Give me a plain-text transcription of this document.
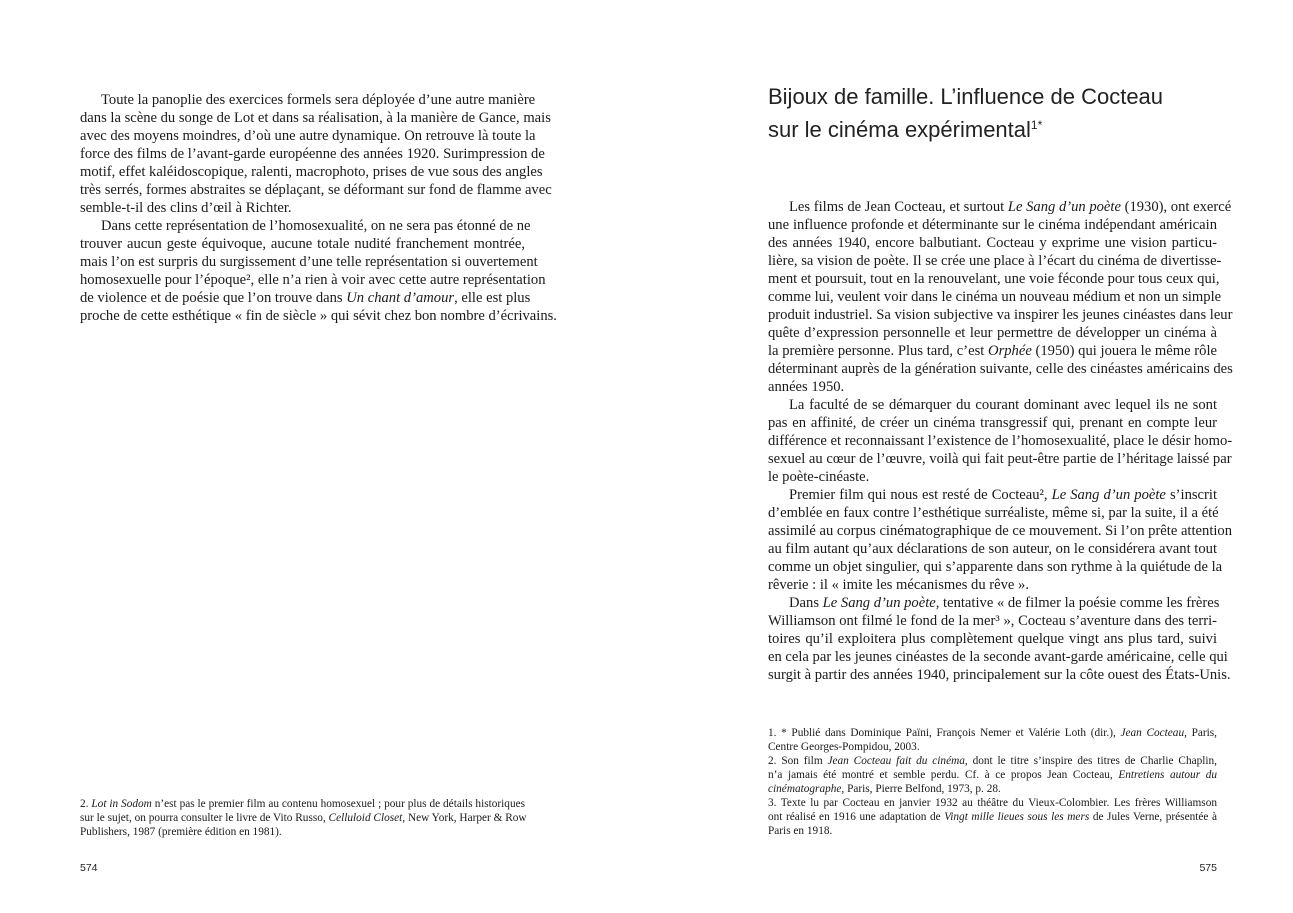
Toute la panoplie des exercices formels sera déployée d’une autre manière
dans la scène du songe de Lot et dans sa réalisation, à la manière de Gance, mais
avec des moyens moindres, d’où une autre dynamique. On retrouve là toute la
force des films de l’avant-garde européenne des années 1920. Surimpression de
motif, effet kaléidoscopique, ralenti, macrophoto, prises de vue sous des angles
très serrés, formes abstraites se déplaçant, se déformant sur fond de flamme avec
semble-t-il des clins d’œil à Richter.
Dans cette représentation de l’homosexualité, on ne sera pas étonné de ne
trouver aucun geste équivoque, aucune totale nudité franchement montrée,
mais l’on est surpris du surgissement d’une telle représentation si ouvertement
homosexuelle pour l’époque², elle n’a rien à voir avec cette autre représentation
de violence et de poésie que l’on trouve dans Un chant d’amour, elle est plus
proche de cette esthétique « fin de siècle » qui sévit chez bon nombre d’écrivains.
2. Lot in Sodom n’est pas le premier film au contenu homosexuel ; pour plus de détails historiques
sur le sujet, on pourra consulter le livre de Vito Russo, Celluloid Closet, New York, Harper & Row
Publishers, 1987 (première édition en 1981).
574
Bijoux de famille. L’influence de Cocteau
sur le cinéma expérimental$^{1*}$
Les films de Jean Cocteau, et surtout Le Sang d’un poète (1930), ont exercé
une influence profonde et déterminante sur le cinéma indépendant américain
des années 1940, encore balbutiant. Cocteau y exprime une vision particu-
lière, sa vision de poète. Il se crée une place à l’écart du cinéma de divertisse-
ment et poursuit, tout en la renouvelant, une voie féconde pour tous ceux qui,
comme lui, veulent voir dans le cinéma un nouveau médium et non un simple
produit industriel. Sa vision subjective va inspirer les jeunes cinéastes dans leur
quête d’expression personnelle et leur permettre de développer un cinéma à
la première personne. Plus tard, c’est Orphée (1950) qui jouera le même rôle
déterminant auprès de la génération suivante, celle des cinéastes américains des
années 1950.
La faculté de se démarquer du courant dominant avec lequel ils ne sont
pas en affinité, de créer un cinéma transgressif qui, prenant en compte leur
différence et reconnaissant l’existence de l’homosexualité, place le désir homo-
sexuel au cœur de l’œuvre, voilà qui fait peut-être partie de l’héritage laissé par
le poète-cinéaste.
Premier film qui nous est resté de Cocteau², Le Sang d’un poète s’inscrit
d’emblée en faux contre l’esthétique surréaliste, même si, par la suite, il a été
assimilé au corpus cinématographique de ce mouvement. Si l’on prête attention
au film autant qu’aux déclarations de son auteur, on le considérera avant tout
comme un objet singulier, qui s’apparente dans son rythme à la quiétude de la
rêverie : il « imite les mécanismes du rêve ».
Dans Le Sang d’un poète, tentative « de filmer la poésie comme les frères
Williamson ont filmé le fond de la mer³ », Cocteau s’aventure dans des terri-
toires qu’il exploitera plus complètement quelque vingt ans plus tard, suivi
en cela par les jeunes cinéastes de la seconde avant-garde américaine, celle qui
surgit à partir des années 1940, principalement sur la côte ouest des États-Unis.
1. * Publié dans Dominique Païni, François Nemer et Valérie Loth (dir.), Jean Cocteau, Paris,
Centre Georges-Pompidou, 2003.
2. Son film Jean Cocteau fait du cinéma, dont le titre s’inspire des titres de Charlie Chaplin,
n’a jamais été montré et semble perdu. Cf. à ce propos Jean Cocteau, Entretiens autour du
cinématographe, Paris, Pierre Belfond, 1973, p. 28.
3. Texte lu par Cocteau en janvier 1932 au théâtre du Vieux-Colombier. Les frères Williamson
ont réalisé en 1916 une adaptation de Vingt mille lieues sous les mers de Jules Verne, présentée à
Paris en 1918.
575
